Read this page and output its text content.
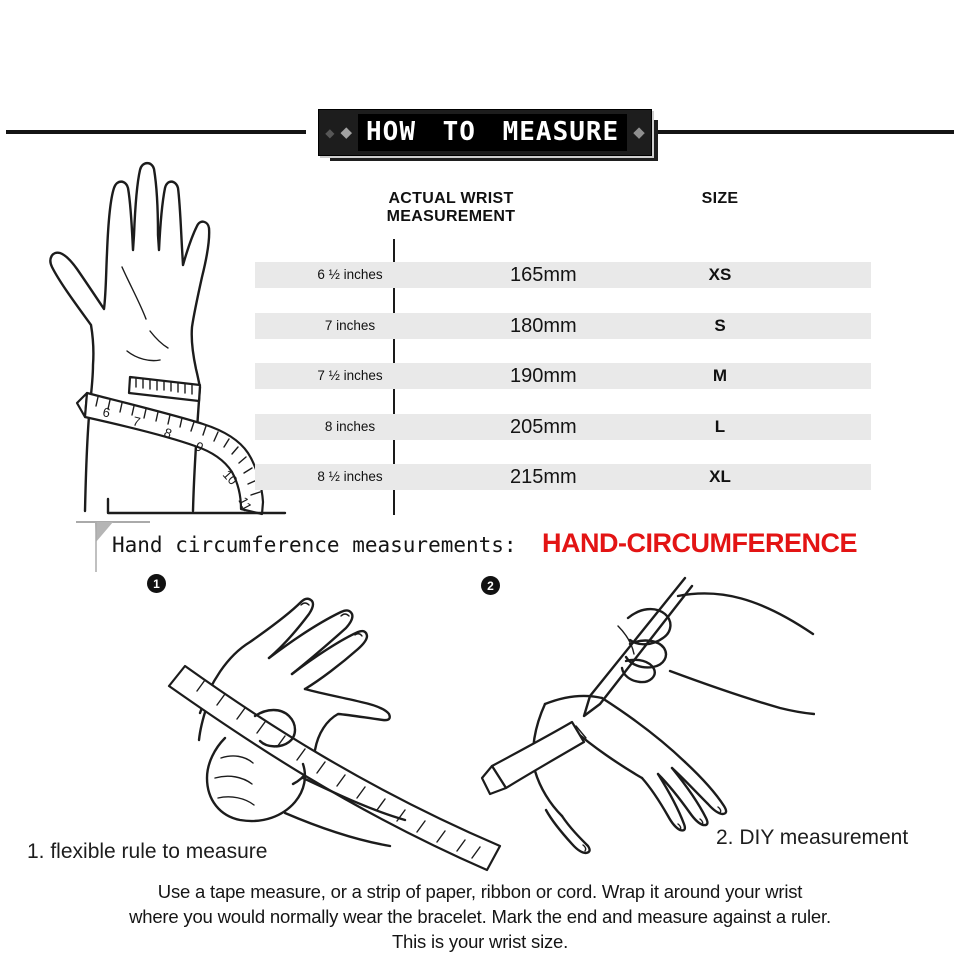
◆ ◆ HOW TO MEASURE ◆
6
7
8
9
10
11
ACTUAL WRIST MEASUREMENT
SIZE
6 ½ inches	165mm	XS
7 inches	180mm	S
7 ½ inches	190mm	M
8 inches	205mm	L
8 ½ inches	215mm	XL
Hand circumference measurements: HAND-CIRCUMFERENCE
1	2
1. flexible rule to measure
2. DIY measurement
Use a tape measure, or a strip of paper, ribbon or cord. Wrap it around your wrist
where you would normally wear the bracelet. Mark the end and measure against a ruler.
This is your wrist size.
